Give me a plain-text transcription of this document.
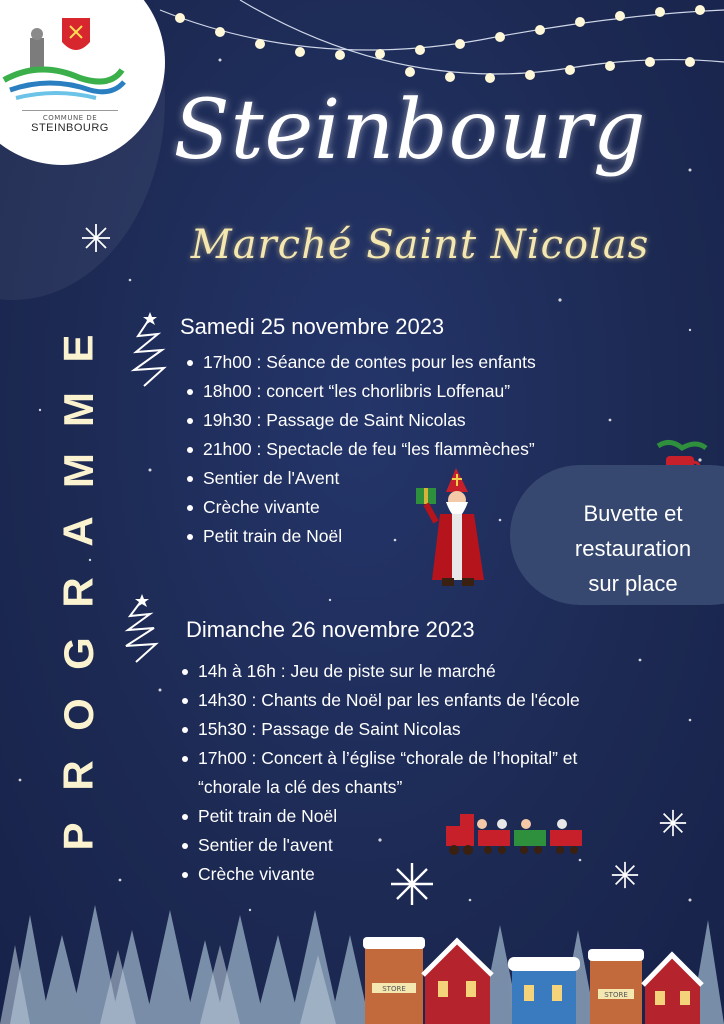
COMMUNE DE
STEINBOURG Steinbourg
Marché Saint Nicolas
E
M
M
A
R
G
O
R
P
Samedi 25 novembre 2023
17h00 : Séance de contes pour les enfants
18h00 : concert “les chorlibris Loffenau”
19h30 : Passage de Saint Nicolas
21h00 : Spectacle de feu “les flammèches”
Sentier de l'Avent
Crèche vivante
Petit train de Noël
Buvette et
restauration
sur place
Dimanche 26 novembre 2023
14h à 16h : Jeu de piste sur le marché
14h30 : Chants de Noël par les enfants de l'école
15h30 : Passage de Saint Nicolas
17h00 : Concert à l’église “chorale de l’hopital” et
“chorale la clé des chants”
Petit train de Noël
Sentier de l'avent
Crèche vivante
STORE
STORE
